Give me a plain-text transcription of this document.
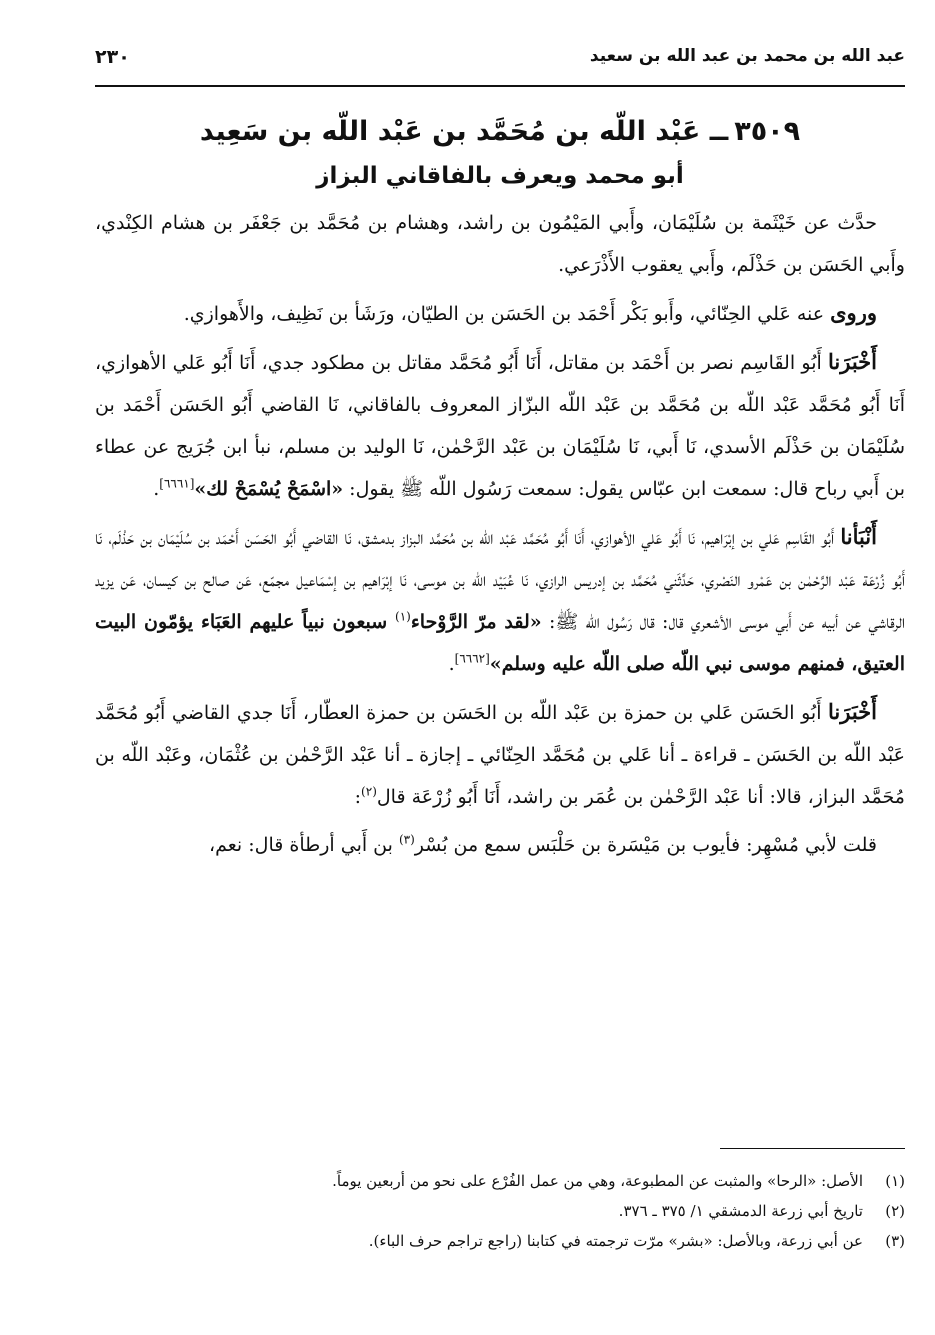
عبد الله بن محمد بن عبد الله بن سعيد
٢٣٠
٣٥٠٩ــ عَبْد اللّه بن مُحَمَّد بن عَبْد اللّه بن سَعِيد
أبو محمد ويعرف بالفاقاني البزاز

حدَّث عن خَيْثَمة بن سُلَيْمَان، وأَبي المَيْمُون بن راشد، وهشام بن مُحَمَّد بن جَعْفَر بن هشام الكِنْدي، وأَبي الحَسَن بن حَذْلَم، وأَبي يعقوب الأَذْرَعي.

وروى عنه عَلي الحِنّائي، وأَبو بَكْر أَحْمَد بن الحَسَن بن الطيّان، ورَشَأ بن نَظِيف، والأَهوازي.

أَخْبَرَنا أَبُو القَاسِم نصر بن أَحْمَد بن مقاتل، أَنَا أَبُو مُحَمَّد مقاتل بن مطكود جدي، أَنَا أَبُو عَلي الأهوازي، أَنَا أَبُو مُحَمَّد عَبْد اللّه بن مُحَمَّد بن عَبْد اللّه البزّاز المعروف بالفاقاني، نَا القاضي أَبُو الحَسَن أَحْمَد بن سُلَيْمَان بن حَذْلَم الأسدي، نَا أَبي، نَا سُلَيْمَان بن عَبْد الرَّحْمٰن، نَا الوليد بن مسلم، نبأ ابن جُرَيج عن عطاء بن أَبي رباح قال: سمعت ابن عبّاس يقول: سمعت رَسُول اللّه ﷺ يقول: «اسْمَحْ يُسْمَحْ لك»[٦٦٦١].

أَنْبَأنا أَبُو القَاسِم عَلي بن إبْرَاهيم، نَا أَبُو عَلي الأهوازي، أَنَا أَبُو مُحَمَّد عَبْد اللّه بن مُحَمَّد البزاز بدمشق، نَا القاضي أَبُو الحَسَن أَحْمَد بن سُلَيْمَان بن حَذْلَم، نَا أَبُو زُرْعَة عَبْد الرَّحْمٰن بن عَمْرو النَصْري، حَدَّثَني مُحَمَّد بن إدريس الرازي، نَا عُبَيْد اللّه بن موسى، نَا إبْرَاهيم بن إسْمَاعيل مجمّع، عَن صالح بن كيسان، عَن يزيد الرقاشي عن أبيه عن أَبي موسى الأشعري قال: قال رَسُول اللّه ﷺ: «لقد مرّ الرَّوْحاء$^{(١)}$ سبعون نبياً عليهم العَبَاء يؤمّون البيت العتيق، فمنهم موسى نبي اللّه صلى اللّه عليه وسلم»[٦٦٦٢].

أَخْبَرَنا أَبُو الحَسَن عَلي بن حمزة بن عَبْد اللّه بن الحَسَن بن حمزة العطّار، أَنَا جدي القاضي أَبُو مُحَمَّد عَبْد اللّه بن الحَسَن ـ قراءة ـ أنا عَلي بن مُحَمَّد الحِنّائي ـ إجازة ـ أنا عَبْد الرَّحْمٰن بن عُثْمَان، وعَبْد اللّه بن مُحَمَّد البزاز، قالا: أنا عَبْد الرَّحْمٰن بن عُمَر بن راشد، أَنَا أَبُو زُرْعَة قال$^{(٢)}$:

قلت لأبي مُسْهِر: فأيوب بن مَيْسَرة بن حَلْبَس سمع من بُسْر$^{(٣)}$ بن أَبي أرطأة قال: نعم،

(١)
الأصل: «الرحا» والمثبت عن المطبوعة، وهي من عمل الفُرْع على نحو من أربعين يوماً.

(٢)
تاريخ أبي زرعة الدمشقي ١/ ٣٧٥ ـ ٣٧٦.

(٣)
عن أبي زرعة، وبالأصل: «بشر» مرّت ترجمته في كتابنا (راجع تراجم حرف الباء).
